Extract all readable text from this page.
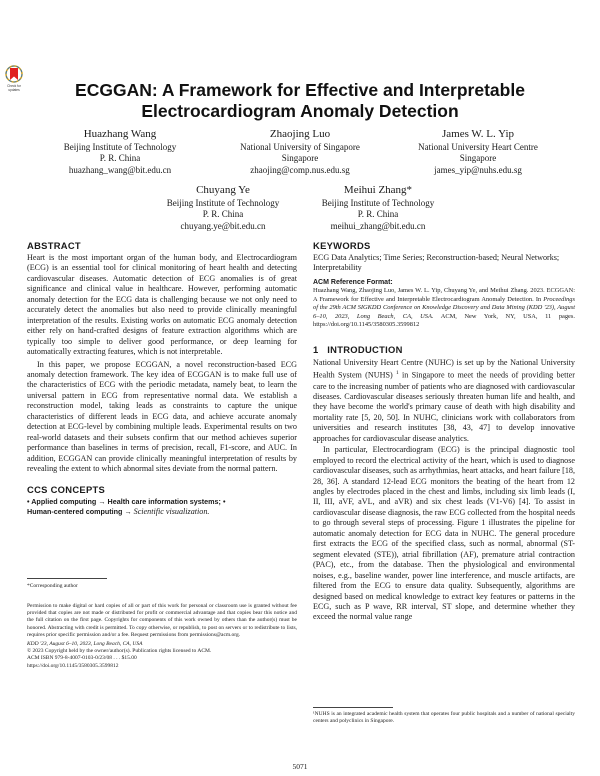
Check for updates	ECGGAN: A Framework for Effective and Interpretable
Electrocardiogram Anomaly Detection
Huazhang Wang
Beijing Institute of Technology
P. R. China
huazhang_wang@bit.edu.cn
Zhaojing Luo
National University of Singapore
Singapore
zhaojing@comp.nus.edu.sg
James W. L. Yip
National University Heart Centre
Singapore
james_yip@nuhs.edu.sg
Chuyang Ye
Beijing Institute of Technology
P. R. China
chuyang.ye@bit.edu.cn
Meihui Zhang*
Beijing Institute of Technology
P. R. China
meihui_zhang@bit.edu.cn
ABSTRACT

Heart is the most important organ of the human body, and Electrocardiogram (ECG) is an essential tool for clinical monitoring of heart health and detecting cardiovascular diseases. Automatic detection of ECG anomalies is of great significance and clinical value in healthcare. However, performing automatic anomaly detection for the ECG data is challenging because we not only need to accurately detect the anomalies but also need to provide clinically meaningful interpretation of the results. Existing works on automatic ECG anomaly detection either rely on hand-crafted designs of feature extraction algorithms which are typically too simple to deliver good performance, or deep learning for automatically extracting features, which is not interpretable.

In this paper, we propose ECGGAN, a novel reconstruction-based ECG anomaly detection framework. The key idea of ECGGAN is to make full use of the characteristics of ECG with the periodic metadata, namely beat, to learn the universal pattern in ECG from representative normal data. We establish a reconstruction model, taking leads as constraints to capture the unique characteristics of different leads in ECG data, and achieve accurate anomaly detection at ECG-level by combining multiple leads. Experimental results on two real-world datasets and their subsets confirm that our method achieves superior performance than baselines in terms of precision, recall, F1-score, and AUC. In addition, ECGGAN can provide clinically meaningful interpretation of results by revealing the extent to which abnormal sites deviate from the normal pattern.

CCS CONCEPTS
• Applied computing → Health care information systems; •
Human-centered computing → Scientific visualization.
*Corresponding author
Permission to make digital or hard copies of all or part of this work for personal or classroom use is granted without fee provided that copies are not made or distributed for profit or commercial advantage and that copies bear this notice and the full citation on the first page. Copyrights for components of this work owned by others than the author(s) must be honored. Abstracting with credit is permitted. To copy otherwise, or republish, to post on servers or to redistribute to lists, requires prior specific permission and/or a fee. Request permissions from permissions@acm.org.
KDD '23, August 6–10, 2023, Long Beach, CA, USA
© 2023 Copyright held by the owner/author(s). Publication rights licensed to ACM.
ACM ISBN 979-8-4007-0103-0/23/08 . . . $15.00
https://doi.org/10.1145/3580305.3599812
KEYWORDS
ECG Data Analytics; Time Series; Reconstruction-based; Neural Networks; Interpretability
ACM Reference Format:
Huazhang Wang, Zhaojing Luo, James W. L. Yip, Chuyang Ye, and Meihui Zhang. 2023. ECGGAN: A Framework for Effective and Interpretable Electrocardiogram Anomaly Detection. In Proceedings of the 29th ACM SIGKDD Conference on Knowledge Discovery and Data Mining (KDD '23), August 6–10, 2023, Long Beach, CA, USA. ACM, New York, NY, USA, 11 pages. https://doi.org/10.1145/3580305.3599812
1   INTRODUCTION

National University Heart Centre (NUHC) is set up by the National University Health System (NUHS) $^1$ in Singapore to meet the needs of providing better care to the increasing number of patients who are diagnosed with cardiovascular diseases. Cardiovascular diseases seriously threaten human life and health, and they have become the world's primary cause of death with high disability and mortality rate [5, 20, 50]. In NUHC, clinicians work with collaborators from universities and research institutes [38, 43, 47] to develop innovative approaches for cardiovascular disease analytics.

In particular, Electrocardiogram (ECG) is the principal diagnostic tool employed to record the electrical activity of the heart, which is used to diagnose cardiovascular diseases, such as arrhythmias, heart attacks, and heart failure [18, 28, 36]. A standard 12-lead ECG monitors the beating of the heart from 12 angles by electrodes placed in the chest and limbs, including six limb leads (I, II, III, aVF, aVL, and aVR) and six chest leads (V1-V6) [4]. To assist in cardiovascular disease diagnosis, the raw ECG collected from the hospital needs to go through several steps of processing. Figure 1 illustrates the pipeline for automatic anomaly detection for ECG data in NUHC. The general procedure first extracts the ECG of the specified class, such as normal, abnormal (ST-segment elevated (STE)), atrial fibrillation (AF), premature atrial contraction (PAC), etc., from the database. Then the physiological and environmental noises, e.g., baseline wander, power line interference, and muscle artifacts, are filtered from the ECG to ensure data quality. Subsequently, algorithms are designed based on medical knowledge to extract key features or patterns in the ECG, such as P wave, RR interval, ST slope, and determine whether they exceed the normal value range

¹NUHS is an integrated academic health system that operates four public hospitals and a number of national specialty centers and polyclinics in Singapore.
5071
